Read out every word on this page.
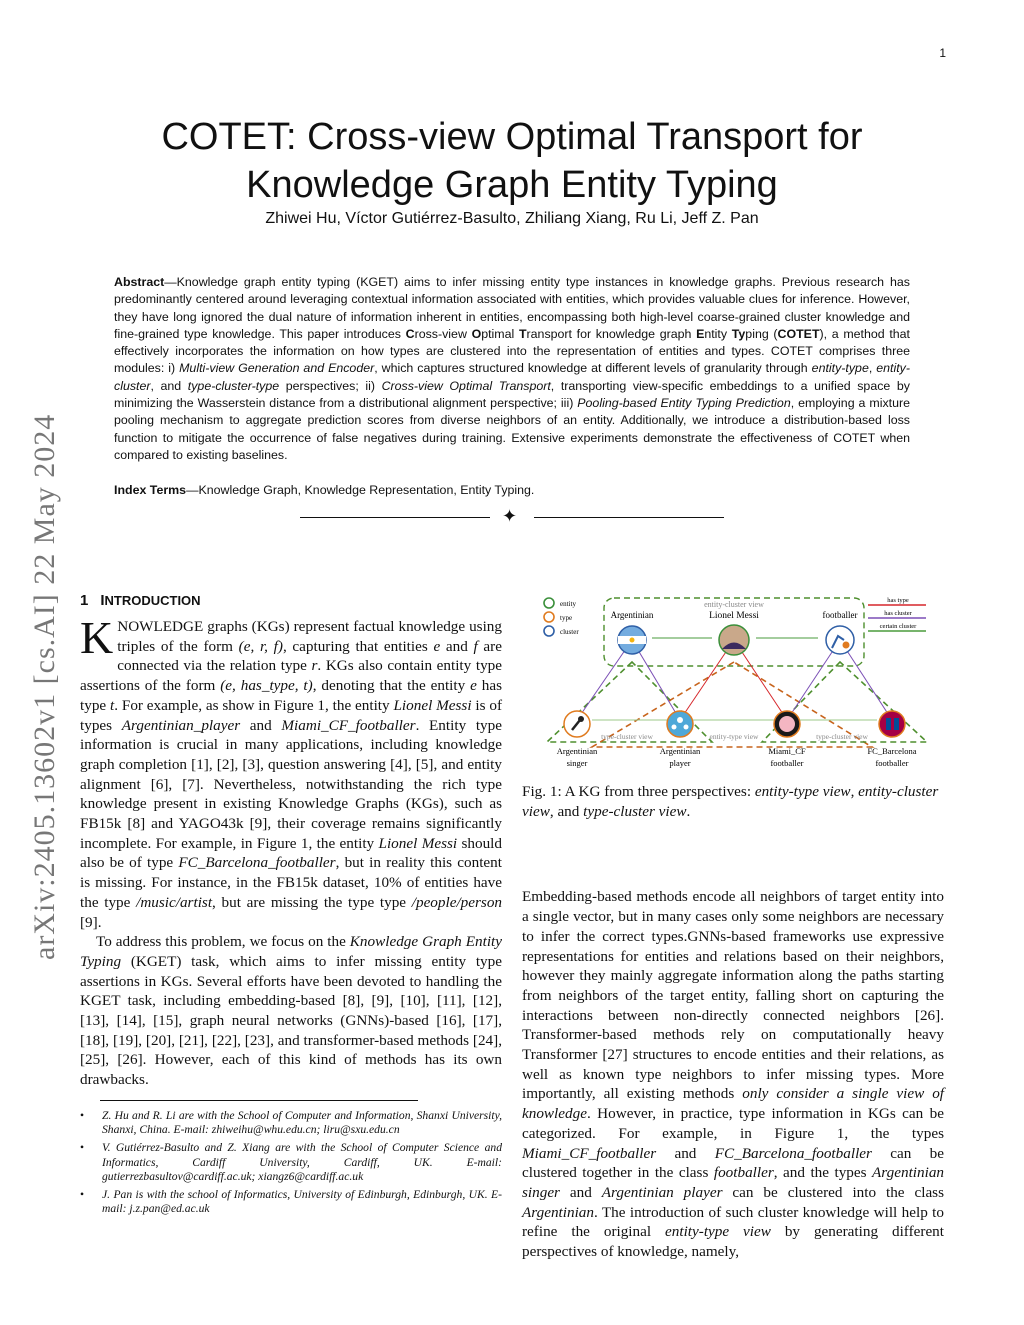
1
arXiv:2405.13602v1 [cs.AI] 22 May 2024
COTET: Cross-view Optimal Transport for Knowledge Graph Entity Typing
Zhiwei Hu, Víctor Gutiérrez-Basulto, Zhiliang Xiang, Ru Li, Jeff Z. Pan
Abstract—Knowledge graph entity typing (KGET) aims to infer missing entity type instances in knowledge graphs. Previous research has predominantly centered around leveraging contextual information associated with entities, which provides valuable clues for inference. However, they have long ignored the dual nature of information inherent in entities, encompassing both high-level coarse-grained cluster knowledge and fine-grained type knowledge. This paper introduces Cross-view Optimal Transport for knowledge graph Entity Typing (COTET), a method that effectively incorporates the information on how types are clustered into the representation of entities and types. COTET comprises three modules: i) Multi-view Generation and Encoder, which captures structured knowledge at different levels of granularity through entity-type, entity-cluster, and type-cluster-type perspectives; ii) Cross-view Optimal Transport, transporting view-specific embeddings to a unified space by minimizing the Wasserstein distance from a distributional alignment perspective; iii) Pooling-based Entity Typing Prediction, employing a mixture pooling mechanism to aggregate prediction scores from diverse neighbors of an entity. Additionally, we introduce a distribution-based loss function to mitigate the occurrence of false negatives during training. Extensive experiments demonstrate the effectiveness of COTET when compared to existing baselines.
Index Terms—Knowledge Graph, Knowledge Representation, Entity Typing.
✦
1 INTRODUCTION

KNOWLEDGE graphs (KGs) represent factual knowledge using triples of the form (e, r, f), capturing that entities e and f are connected via the relation type r. KGs also contain entity type assertions of the form (e, has_type, t), denoting that the entity e has type t. For example, as show in Figure 1, the entity Lionel Messi is of types Argentinian_player and Miami_CF_footballer. Entity type information is crucial in many applications, including knowledge graph completion [1], [2], [3], question answering [4], [5], and entity alignment [6], [7]. Nevertheless, notwithstanding the rich type knowledge present in existing Knowledge Graphs (KGs), such as FB15k [8] and YAGO43k [9], their coverage remains significantly incomplete. For example, in Figure 1, the entity Lionel Messi should also be of type FC_Barcelona_footballer, but in reality this content is missing. For instance, in the FB15k dataset, 10% of entities have the type /music/artist, but are missing the type type /people/person [9].

To address this problem, we focus on the Knowledge Graph Entity Typing (KGET) task, which aims to infer missing entity type assertions in KGs. Several efforts have been devoted to handling the KGET task, including embedding-based [8], [9], [10], [11], [12], [13], [14], [15], graph neural networks (GNNs)-based [16], [17], [18], [19], [20], [21], [22], [23], and transformer-based methods [24], [25], [26]. However, each of this kind of methods has its own drawbacks.

• Z. Hu and R. Li are with the School of Computer and Information, Shanxi University, Shanxi, China. E-mail: zhiweihu@whu.edu.cn; liru@sxu.edu.cn
• V. Gutiérrez-Basulto and Z. Xiang are with the School of Computer Science and Informatics, Cardiff University, Cardiff, UK. E-mail: gutierrezbasultov@cardiff.ac.uk; xiangz6@cardiff.ac.uk
• J. Pan is with the school of Informatics, University of Edinburgh, Edinburgh, UK. E-mail: j.z.pan@ed.ac.uk
entity
type
cluster
has type
has cluster
certain cluster
entity-cluster view
Argentinian	Lionel Messi	footballer
type-cluster view	entity-type view	type-cluster view
Argentinian
singer
Argentinian
player
Miami_CF
footballer
FC_Barcelona
footballer
Fig. 1: A KG from three perspectives: entity-type view, entity-cluster view, and type-cluster view.

Embedding-based methods encode all neighbors of target entity into a single vector, but in many cases only some neighbors are necessary to infer the correct types.GNNs-based frameworks use expressive representations for entities and relations based on their neighbors, however they mainly aggregate information along the paths starting from neighbors of the target entity, falling short on capturing the interactions between non-directly connected neighbors [26]. Transformer-based methods rely on computationally heavy Transformer [27] structures to encode entities and their relations, as well as known type neighbors to infer missing types. More importantly, all existing methods only consider a single view of knowledge. However, in practice, type information in KGs can be categorized. For example, in Figure 1, the types Miami_CF_footballer and FC_Barcelona_footballer can be clustered together in the class footballer, and the types Argentinian singer and Argentinian player can be clustered into the class Argentinian. The introduction of such cluster knowledge will help to refine the original entity-type view by generating different perspectives of knowledge, namely,
